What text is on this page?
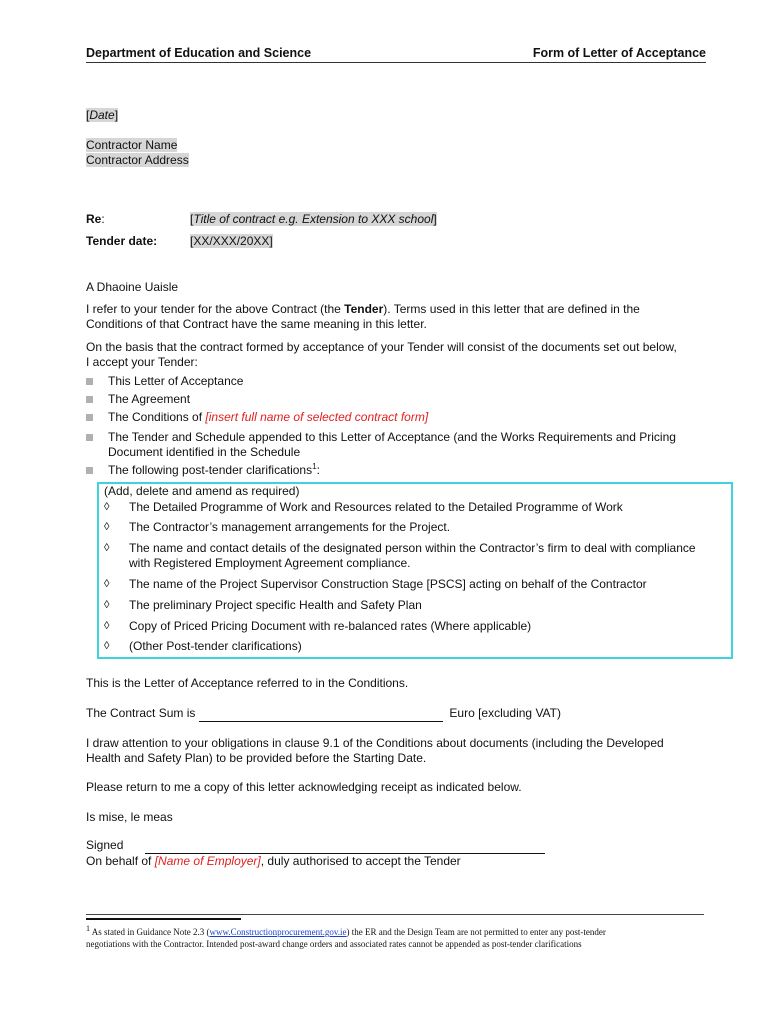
Department of Education and Science	Form of Letter of Acceptance
[Date]
Contractor Name
Contractor Address
Re:	[Title of contract e.g. Extension to XXX school]
Tender date:	[XX/XXX/20XX]
A Dhaoine Uaisle
I refer to your tender for the above Contract (the Tender). Terms used in this letter that are defined in the
Conditions of that Contract have the same meaning in this letter.
On the basis that the contract formed by acceptance of your Tender will consist of the documents set out below,
I accept your Tender:
This Letter of Acceptance
The Agreement
The Conditions of [insert full name of selected contract form]
The Tender and Schedule appended to this Letter of Acceptance (and the Works Requirements and Pricing
Document identified in the Schedule
The following post-tender clarifications$^1$:
(Add, delete and amend as required)
◊ The Detailed Programme of Work and Resources related to the Detailed Programme of Work
◊ The Contractor’s management arrangements for the Project.
◊ The name and contact details of the designated person within the Contractor’s firm to deal with compliance
with Registered Employment Agreement compliance.
◊ The name of the Project Supervisor Construction Stage [PSCS] acting on behalf of the Contractor
◊ The preliminary Project specific Health and Safety Plan
◊ Copy of Priced Pricing Document with re-balanced rates (Where applicable)
◊ (Other Post-tender clarifications)
This is the Letter of Acceptance referred to in the Conditions.
The Contract Sum is	Euro [excluding VAT)
I draw attention to your obligations in clause 9.1 of the Conditions about documents (including the Developed
Health and Safety Plan) to be provided before the Starting Date.
Please return to me a copy of this letter acknowledging receipt as indicated below.
Is mise, le meas
Signed
On behalf of [Name of Employer], duly authorised to accept the Tender
$^1$ As stated in Guidance Note 2.3 (www.Constructionprocurement.gov.ie) the ER and the Design Team are not permitted to enter any post-tender
negotiations with the Contractor. Intended post-award change orders and associated rates cannot be appended as post-tender clarifications
